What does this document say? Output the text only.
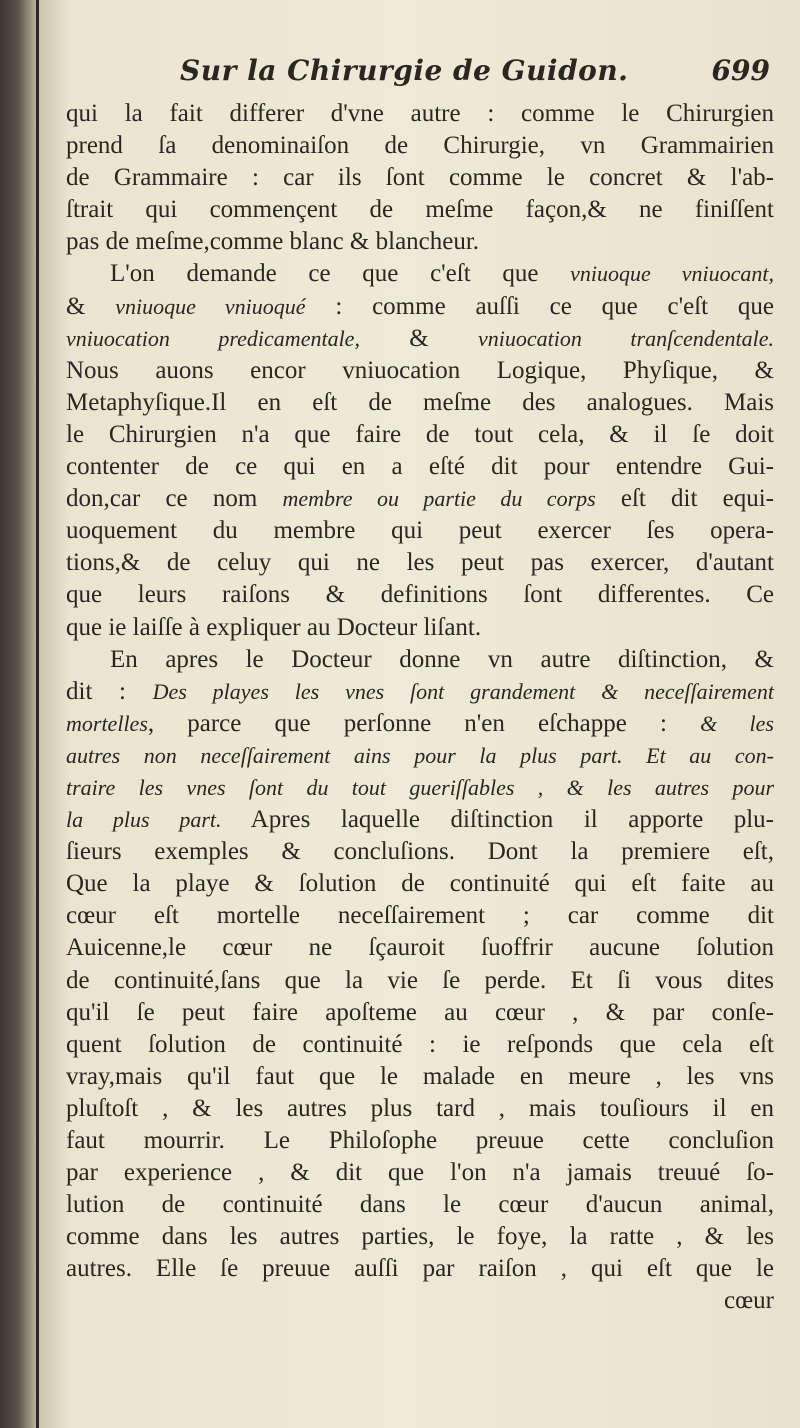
Sur la Chirurgie de Guidon.	699
qui la fait differer d'vne autre : comme le Chirurgien
prend ſa denominaiſon de Chirurgie, vn Grammairien
de Grammaire : car ils ſont comme le concret & l'ab-
ſtrait qui commençent de meſme façon,& ne finiſſent
pas de meſme,comme blanc & blancheur.
L'on demande ce que c'eſt que vniuoque vniuocant,
& vniuoque vniuoqué : comme auſſi ce que c'eſt que
vniuocation predicamentale, & vniuocation tranſcendentale.
Nous auons encor vniuocation Logique, Phyſique, &
Metaphyſique.Il en eſt de meſme des analogues. Mais
le Chirurgien n'a que faire de tout cela, & il ſe doit
contenter de ce qui en a eſté dit pour entendre Gui-
don,car ce nom membre ou partie du corps eſt dit equi-
uoquement du membre qui peut exercer ſes opera-
tions,& de celuy qui ne les peut pas exercer, d'autant
que leurs raiſons & definitions ſont differentes. Ce
que ie laiſſe à expliquer au Docteur liſant.
En apres le Docteur donne vn autre diſtinction, &
dit : Des playes les vnes ſont grandement & neceſſairement
mortelles, parce que perſonne n'en eſchappe : & les
autres non neceſſairement ains pour la plus part. Et au con-
traire les vnes ſont du tout gueriſſables , & les autres pour
la plus part. Apres laquelle diſtinction il apporte plu-
ſieurs exemples & concluſions. Dont la premiere eſt,
Que la playe & ſolution de continuité qui eſt faite au
cœur eſt mortelle neceſſairement ; car comme dit
Auicenne,le cœur ne ſçauroit ſuoffrir aucune ſolution
de continuité,ſans que la vie ſe perde. Et ſi vous dites
qu'il ſe peut faire apoſteme au cœur , & par conſe-
quent ſolution de continuité : ie reſponds que cela eſt
vray,mais qu'il faut que le malade en meure , les vns
pluſtoſt , & les autres plus tard , mais touſiours il en
faut mourrir. Le Philoſophe preuue cette concluſion
par experience , & dit que l'on n'a jamais treuué ſo-
lution de continuité dans le cœur d'aucun animal,
comme dans les autres parties, le foye, la ratte , & les
autres. Elle ſe preuue auſſi par raiſon , qui eſt que le
cœur
